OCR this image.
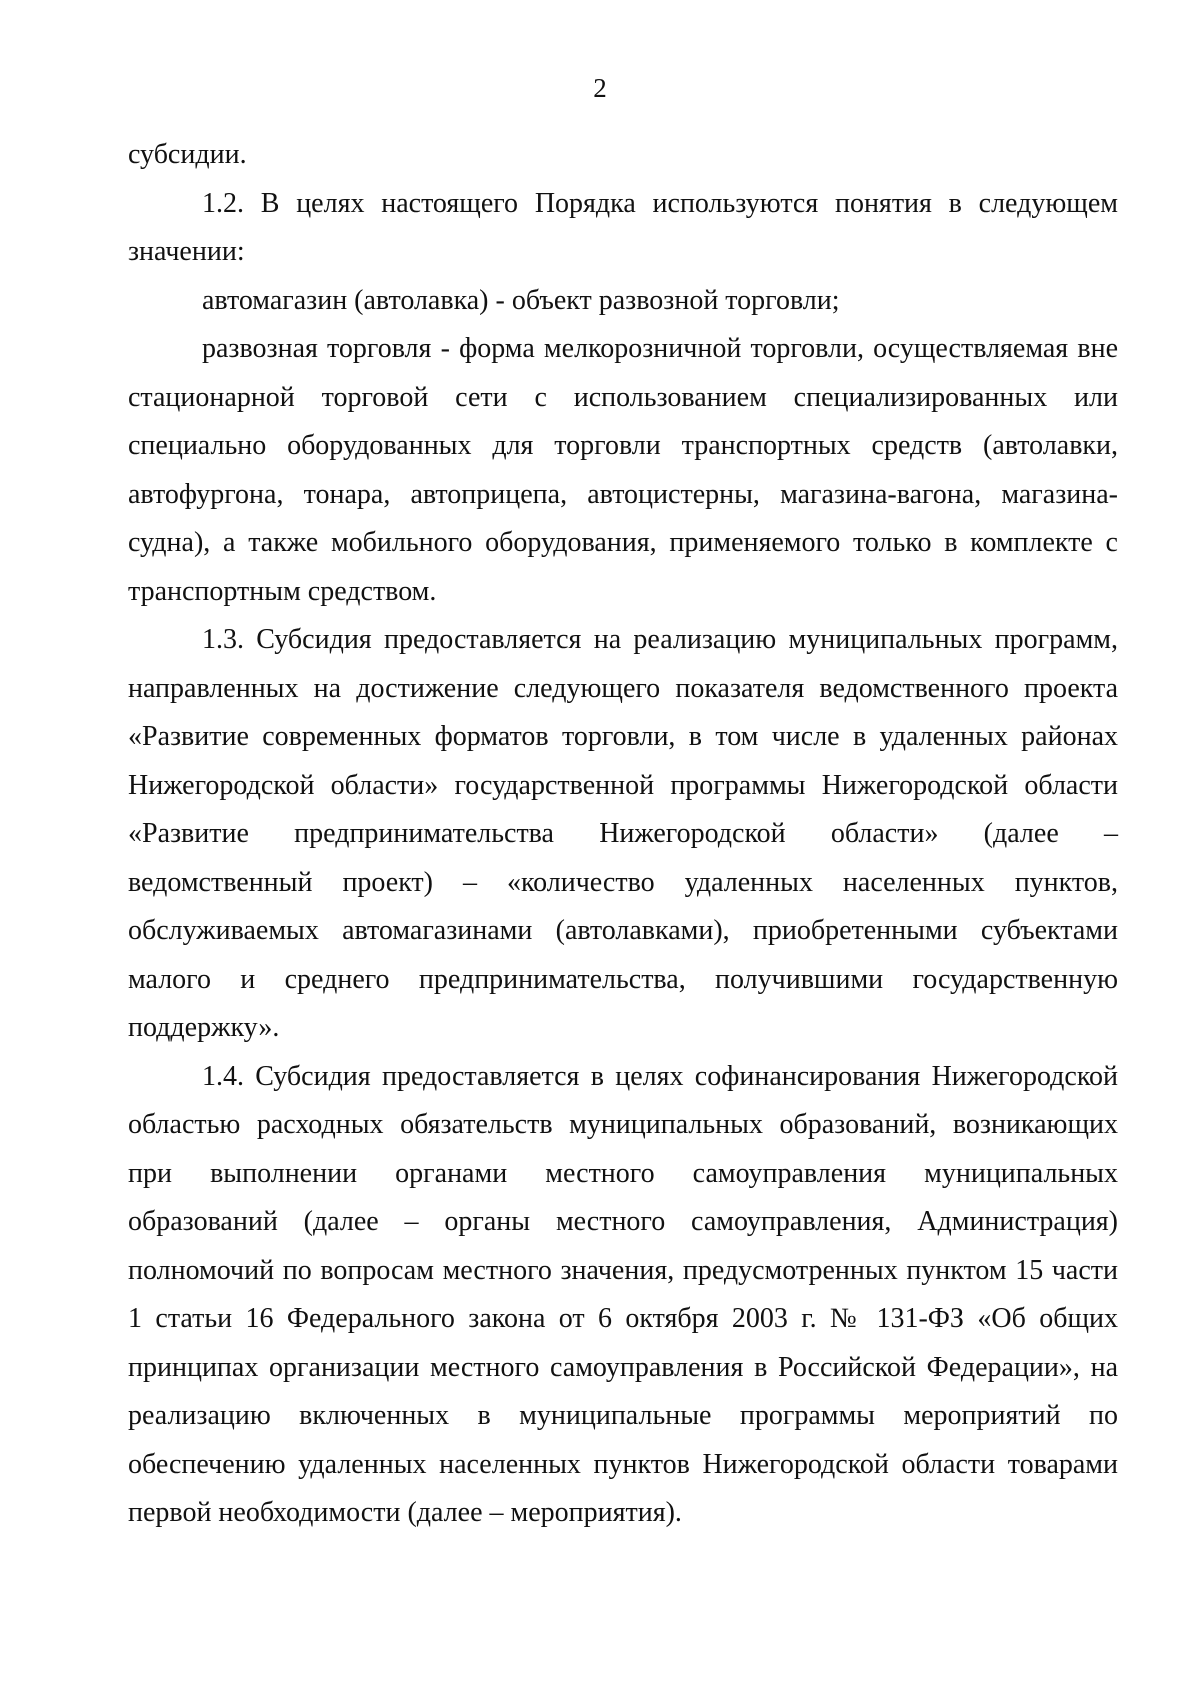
2

субсидии.

1.2. В целях настоящего Порядка используются понятия в следующем значении:

автомагазин (автолавка) - объект развозной торговли;

развозная торговля - форма мелкорозничной торговли, осуществляемая вне стационарной торговой сети с использованием специализированных или специально оборудованных для торговли транспортных средств (автолавки, автофургона, тонара, автоприцепа, автоцистерны, магазина-вагона, магазина-судна), а также мобильного оборудования, применяемого только в комплекте с транспортным средством.

1.3. Субсидия предоставляется на реализацию муниципальных программ, направленных на достижение следующего показателя ведомственного проекта «Развитие современных форматов торговли, в том числе в удаленных районах Нижегородской области» государственной программы Нижегородской области «Развитие предпринимательства Нижегородской области» (далее – ведомственный проект) – «количество удаленных населенных пунктов, обслуживаемых автомагазинами (автолавками), приобретенными субъектами малого и среднего предпринимательства, получившими государственную поддержку».

1.4. Субсидия предоставляется в целях софинансирования Нижегородской областью расходных обязательств муниципальных образований, возникающих при выполнении органами местного самоуправления муниципальных образований (далее – органы местного самоуправления, Администрация) полномочий по вопросам местного значения, предусмотренных пунктом 15 части 1 статьи 16 Федерального закона от 6 октября 2003 г. № 131-ФЗ «Об общих принципах организации местного самоуправления в Российской Федерации», на реализацию включенных в муниципальные программы мероприятий по обеспечению удаленных населенных пунктов Нижегородской области товарами первой необходимости (далее – мероприятия).
